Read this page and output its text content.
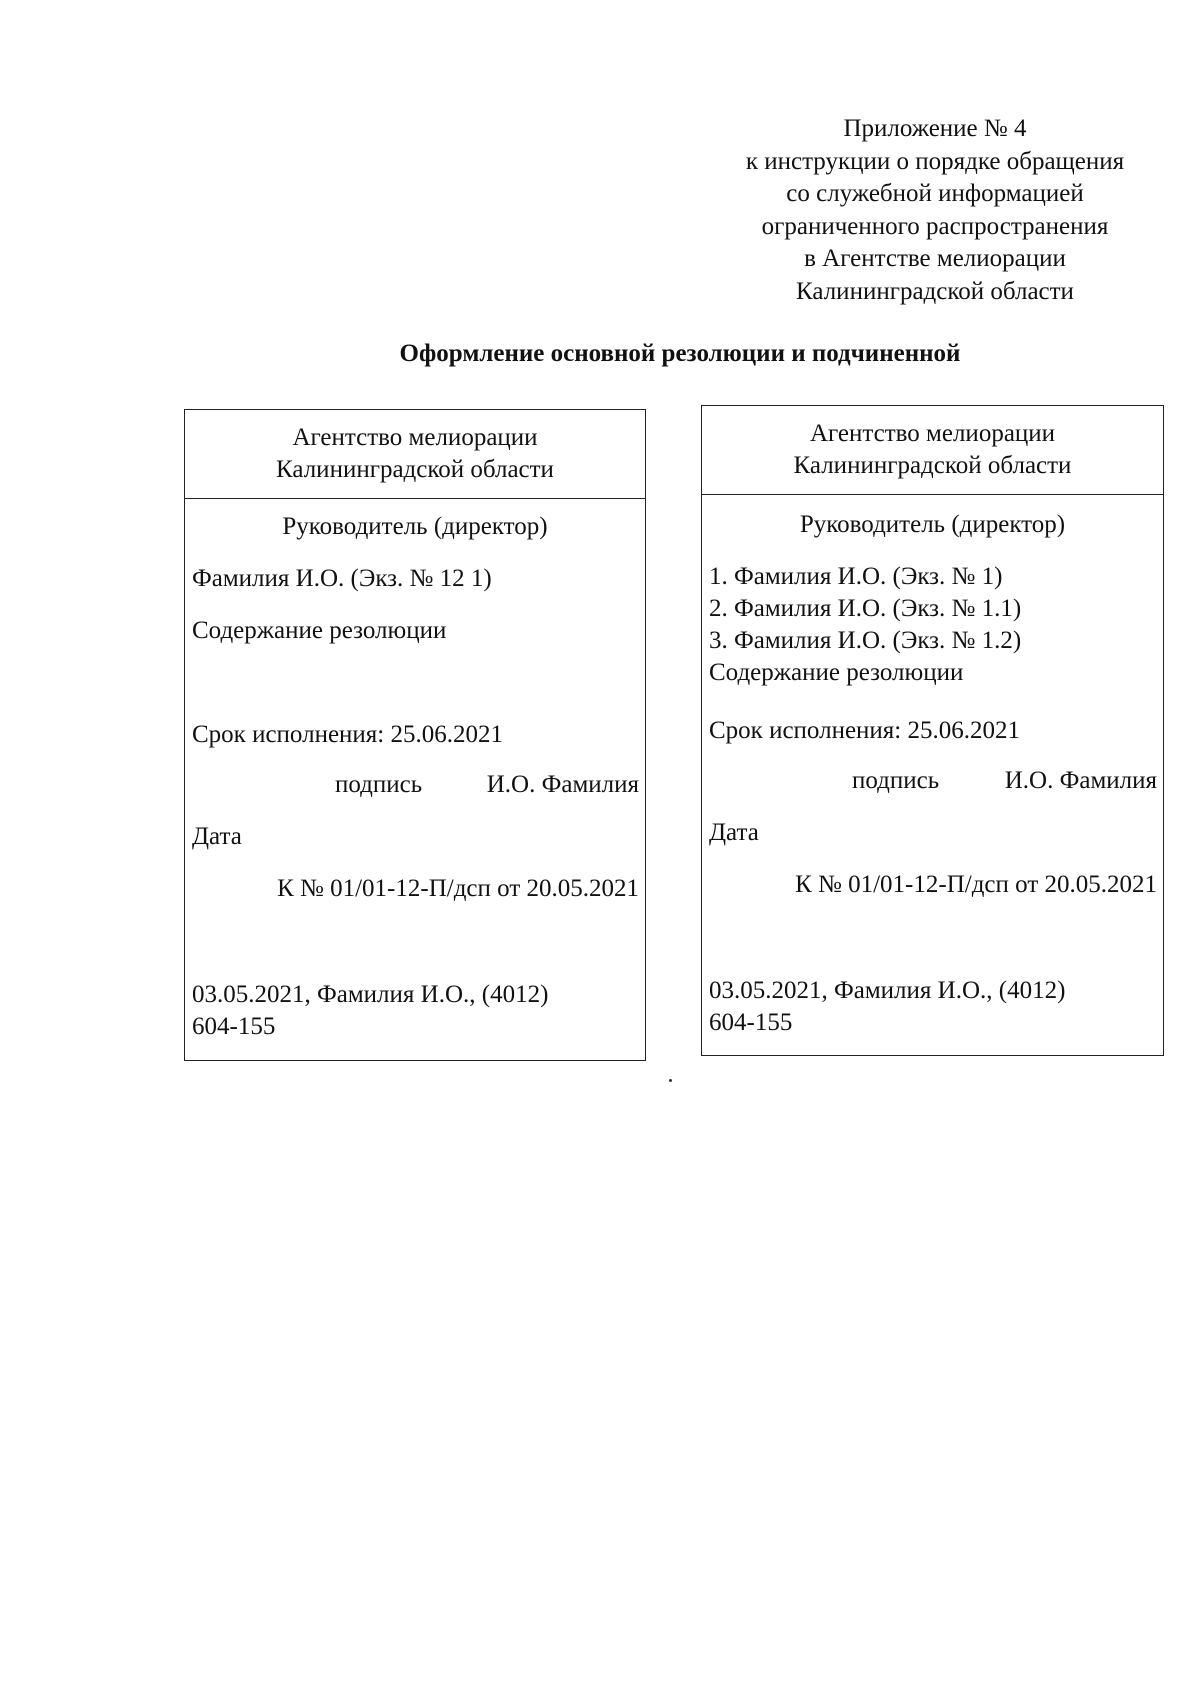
Приложение № 4
к инструкции о порядке обращения
со служебной информацией
ограниченного распространения
в Агентстве мелиорации
Калининградской области
Оформление основной резолюции и подчиненной
Агентство мелиорации
Калининградской области
Руководитель (директор)
Фамилия И.О. (Экз. № 12 1)
Содержание резолюции
Срок исполнения: 25.06.2021
подпись	И.О. Фамилия
Дата
К № 01/01-12-П/дсп от 20.05.2021
03.05.2021, Фамилия И.О., (4012)
604-155
Агентство мелиорации
Калининградской области
Руководитель (директор)
1. Фамилия И.О. (Экз. № 1)
2. Фамилия И.О. (Экз. № 1.1)
3. Фамилия И.О. (Экз. № 1.2)
Содержание резолюции
Срок исполнения: 25.06.2021
подпись	И.О. Фамилия
Дата
К № 01/01-12-П/дсп от 20.05.2021
03.05.2021, Фамилия И.О., (4012)
604-155
